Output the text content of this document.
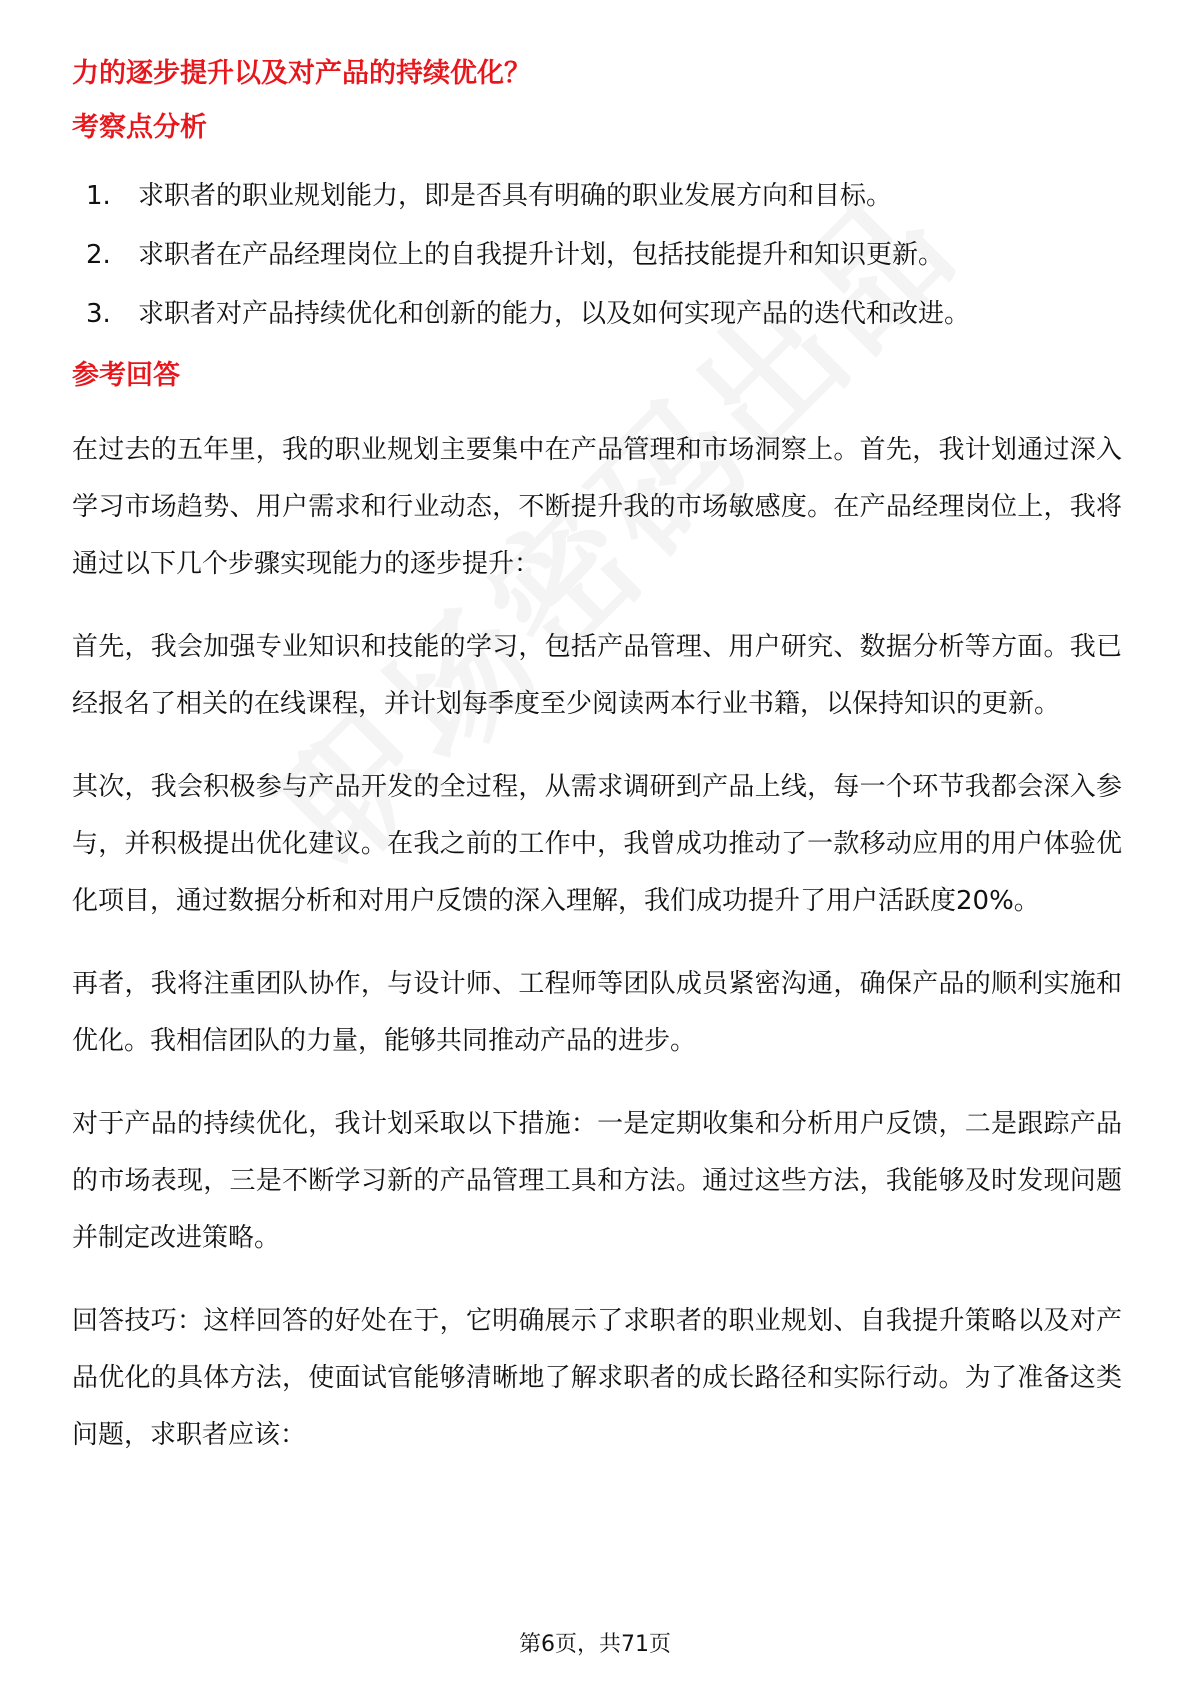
力的逐步提升以及对产品的持续优化？
考察点分析
1.	求职者的职业规划能力，即是否具有明确的职业发展方向和目标。
2.	求职者在产品经理岗位上的自我提升计划，包括技能提升和知识更新。
3.	求职者对产品持续优化和创新的能力，以及如何实现产品的迭代和改进。
参考回答

在过去的五年里，我的职业规划主要集中在产品管理和市场洞察上。首先，我计划通过深入学习市场趋势、用户需求和行业动态，不断提升我的市场敏感度。在产品经理岗位上，我将通过以下几个步骤实现能力的逐步提升：

首先，我会加强专业知识和技能的学习，包括产品管理、用户研究、数据分析等方面。我已经报名了相关的在线课程，并计划每季度至少阅读两本行业书籍，以保持知识的更新。

其次，我会积极参与产品开发的全过程，从需求调研到产品上线，每一个环节我都会深入参与，并积极提出优化建议。在我之前的工作中，我曾成功推动了一款移动应用的用户体验优化项目，通过数据分析和对用户反馈的深入理解，我们成功提升了用户活跃度20%。

再者，我将注重团队协作，与设计师、工程师等团队成员紧密沟通，确保产品的顺利实施和优化。我相信团队的力量，能够共同推动产品的进步。

对于产品的持续优化，我计划采取以下措施：一是定期收集和分析用户反馈，二是跟踪产品的市场表现，三是不断学习新的产品管理工具和方法。通过这些方法，我能够及时发现问题并制定改进策略。

回答技巧：这样回答的好处在于，它明确展示了求职者的职业规划、自我提升策略以及对产品优化的具体方法，使面试官能够清晰地了解求职者的成长路径和实际行动。为了准备这类问题，求职者应该：

第6页，共71页
